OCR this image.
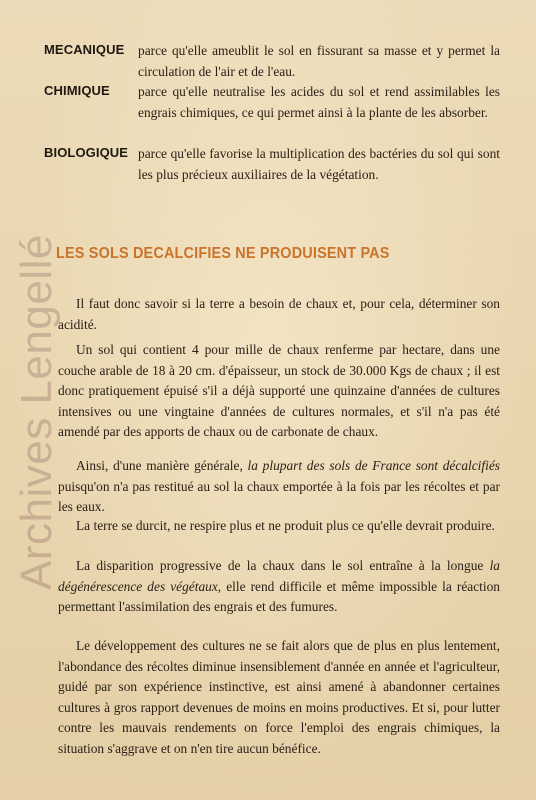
Archives Lengellé
MECANIQUE parce qu'elle ameublit le sol en fissurant sa masse et y permet la circulation de l'air et de l'eau.

CHIMIQUE parce qu'elle neutralise les acides du sol et rend assimilables les engrais chimiques, ce qui permet ainsi à la plante de les absorber.

BIOLOGIQUE parce qu'elle favorise la multiplication des bactéries du sol qui sont les plus précieux auxiliaires de la végétation.

LES SOLS DECALCIFIES NE PRODUISENT PAS

Il faut donc savoir si la terre a besoin de chaux et, pour cela, déterminer son acidité.

Un sol qui contient 4 pour mille de chaux renferme par hectare, dans une couche arable de 18 à 20 cm. d'épaisseur, un stock de 30.000 Kgs de chaux ; il est donc pratiquement épuisé s'il a déjà supporté une quinzaine d'années de cultures intensives ou une vingtaine d'années de cultures normales, et s'il n'a pas été amendé par des apports de chaux ou de carbonate de chaux.

Ainsi, d'une manière générale, la plupart des sols de France sont décalcifiés puisqu'on n'a pas restitué au sol la chaux emportée à la fois par les récoltes et par les eaux.

La terre se durcit, ne respire plus et ne produit plus ce qu'elle devrait produire.

La disparition progressive de la chaux dans le sol entraîne à la longue la dégénérescence des végétaux, elle rend difficile et même impossible la réaction permettant l'assimilation des engrais et des fumures.

Le développement des cultures ne se fait alors que de plus en plus lentement, l'abondance des récoltes diminue insensiblement d'année en année et l'agriculteur, guidé par son expérience instinctive, est ainsi amené à abandonner certaines cultures à gros rapport devenues de moins en moins productives. Et si, pour lutter contre les mauvais rendements on force l'emploi des engrais chimiques, la situation s'aggrave et on n'en tire aucun bénéfice.
